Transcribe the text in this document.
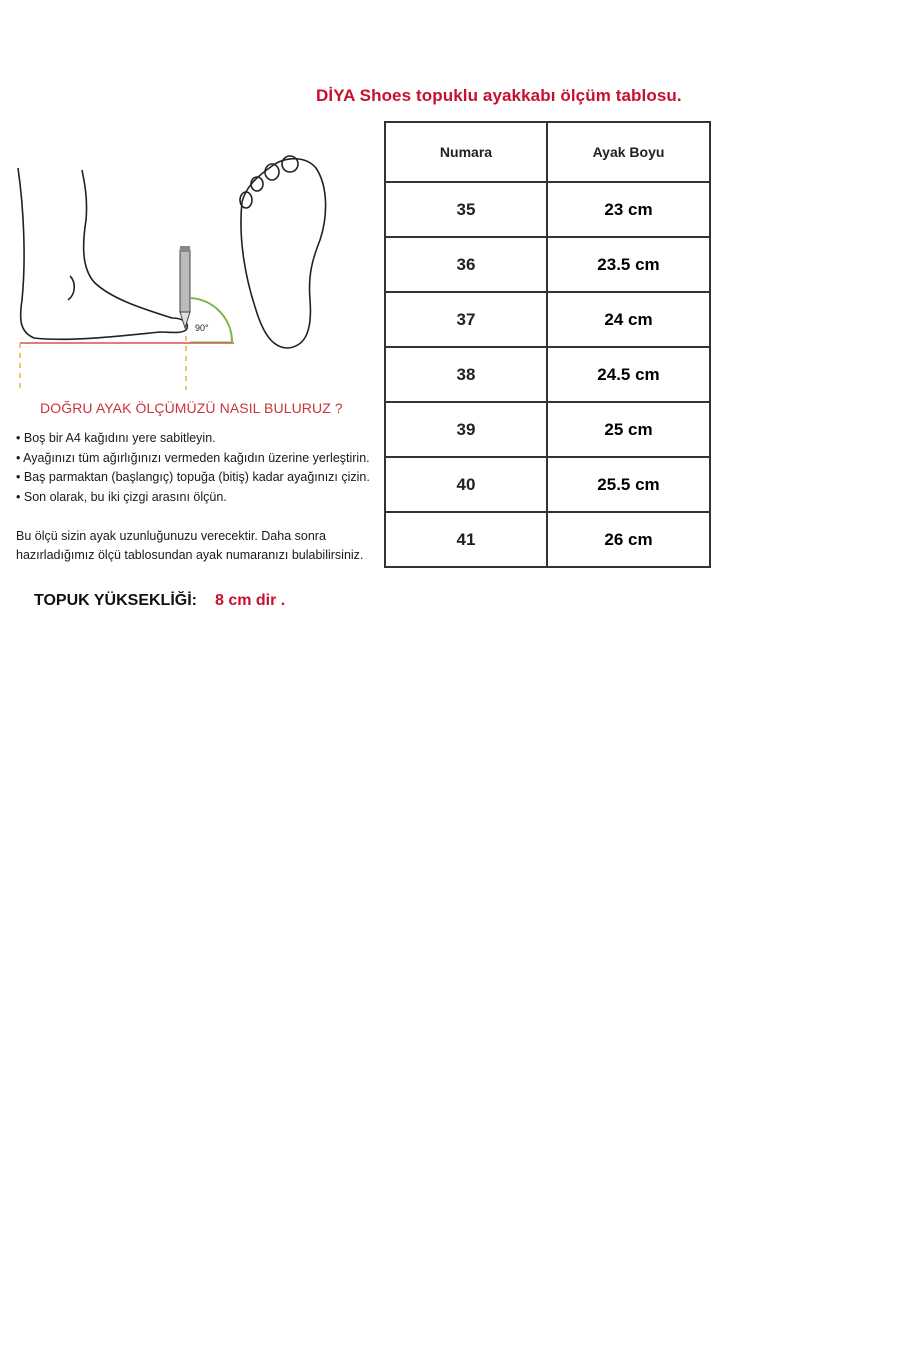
DİYA Shoes topuklu ayakkabı ölçüm tablosu.
90°
DOĞRU AYAK ÖLÇÜMÜZÜ NASIL BULURUZ ?
• Boş bir A4 kağıdını yere sabitleyin.
• Ayağınızı tüm ağırlığınızı vermeden kağıdın üzerine yerleştirin.
• Baş parmaktan (başlangıç) topuğa (bitiş) kadar ayağınızı çizin.
• Son olarak, bu iki çizgi arasını ölçün.
Bu ölçü sizin ayak uzunluğunuzu verecektir. Daha sonra
hazırladığımız ölçü tablosundan ayak numaranızı bulabilirsiniz.
TOPUK YÜKSEKLİĞİ: 8 cm dir .
Numara	Ayak Boyu
35	23 cm
36	23.5 cm
37	24 cm
38	24.5 cm
39	25 cm
40	25.5 cm
41	26 cm
